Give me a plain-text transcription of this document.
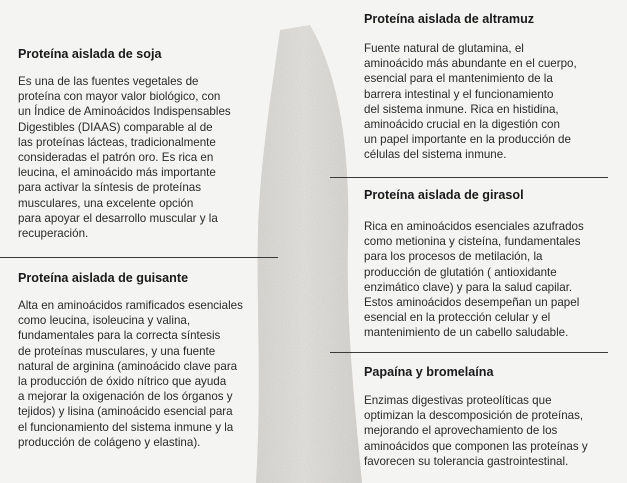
Proteína aislada de soja
Es una de las fuentes vegetales de
proteína con mayor valor biológico, con
un Índice de Aminoácidos Indispensables
Digestibles (DIAAS) comparable al de
las proteínas lácteas, tradicionalmente
consideradas el patrón oro. Es rica en
leucina, el aminoácido más importante
para activar la síntesis de proteínas
musculares, una excelente opción
para apoyar el desarrollo muscular y la
recuperación.
Proteína aislada de guisante
Alta en aminoácidos ramificados esenciales
como leucina, isoleucina y valina,
fundamentales para la correcta síntesis
de proteínas musculares, y una fuente
natural de arginina (aminoácido clave para
la producción de óxido nítrico que ayuda
a mejorar la oxigenación de los órganos y
tejidos) y lisina (aminoácido esencial para
el funcionamiento del sistema inmune y la
producción de colágeno y elastina).
Proteína aislada de altramuz
Fuente natural de glutamina, el
aminoácido más abundante en el cuerpo,
esencial para el mantenimiento de la
barrera intestinal y el funcionamiento
del sistema inmune. Rica en histidina,
aminoácido crucial en la digestión con
un papel importante en la producción de
células del sistema inmune.
Proteína aislada de girasol
Rica en aminoácidos esenciales azufrados
como metionina y cisteína, fundamentales
para los procesos de metilación, la
producción de glutatión ( antioxidante
enzimático clave) y para la salud capilar.
Estos aminoácidos desempeñan un papel
esencial en la protección celular y el
mantenimiento de un cabello saludable.
Papaína y bromelaína
Enzimas digestivas proteolíticas que
optimizan la descomposición de proteínas,
mejorando el aprovechamiento de los
aminoácidos que componen las proteínas y
favorecen su tolerancia gastrointestinal.
